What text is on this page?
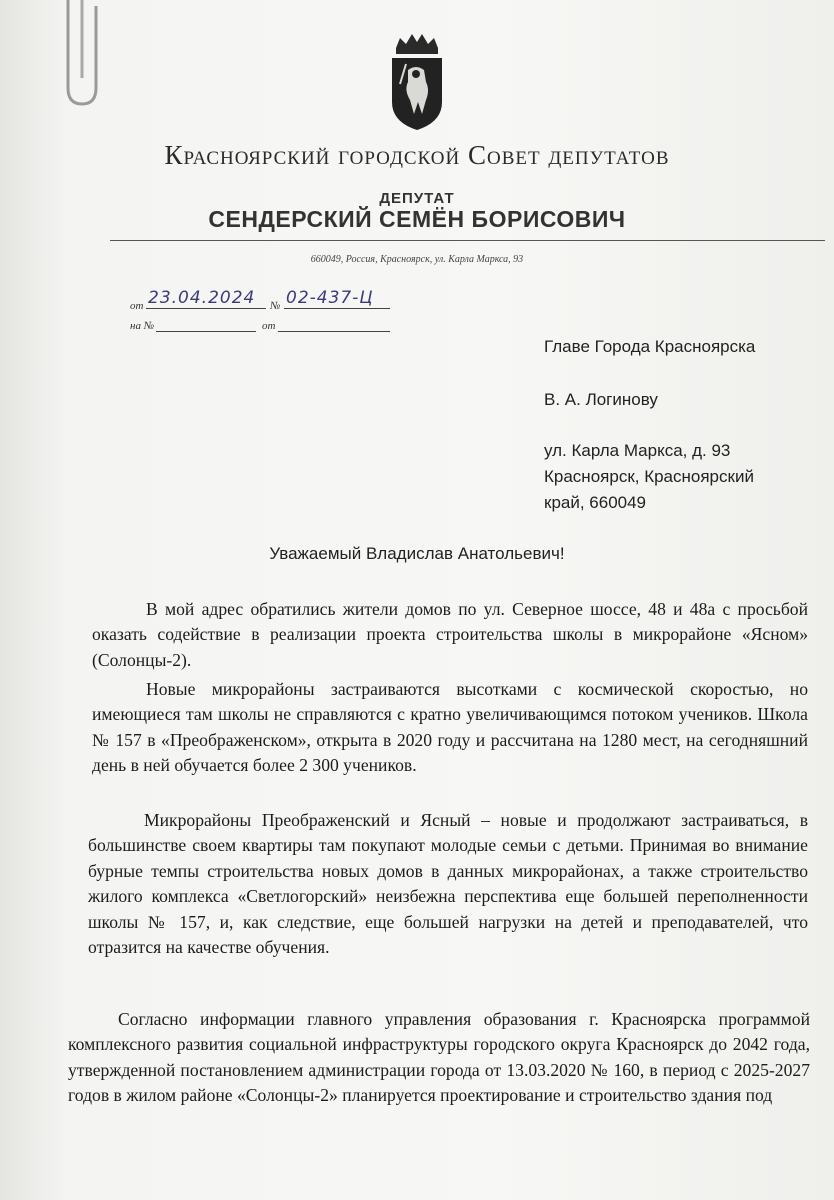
Красноярский городской Совет депутатов
ДЕПУТАТ
СЕНДЕРСКИЙ СЕМЁН БОРИСОВИЧ
660049, Россия, Красноярск, ул. Карла Маркса, 93
от 23.04.2024 № 02-437-Ц
на №	от
Главе Города Красноярска
В. А. Логинову
ул. Карла Маркса, д. 93
Красноярск, Красноярский
край, 660049
Уважаемый Владислав Анатольевич!
В мой адрес обратились жители домов по ул. Северное шоссе, 48 и 48а с просьбой оказать содействие в реализации проекта строительства школы в микрорайоне «Ясном» (Солонцы-2).
Новые микрорайоны застраиваются высотками с космической скоростью, но имеющиеся там школы не справляются с кратно увеличивающимся потоком учеников. Школа № 157 в «Преображенском», открыта в 2020 году и рассчитана на 1280 мест, на сегодняшний день в ней обучается более 2 300 учеников.
Микрорайоны Преображенский и Ясный – новые и продолжают застраиваться, в большинстве своем квартиры там покупают молодые семьи с детьми. Принимая во внимание бурные темпы строительства новых домов в данных микрорайонах, а также строительство жилого комплекса «Светлогорский» неизбежна перспектива еще большей переполненности школы № 157, и, как следствие, еще большей нагрузки на детей и преподавателей, что отразится на качестве обучения.
Согласно информации главного управления образования г. Красноярска программой комплексного развития социальной инфраструктуры городского округа Красноярск до 2042 года, утвержденной постановлением администрации города от 13.03.2020 № 160, в период с 2025-2027 годов в жилом районе «Солонцы-2» планируется проектирование и строительство здания под
